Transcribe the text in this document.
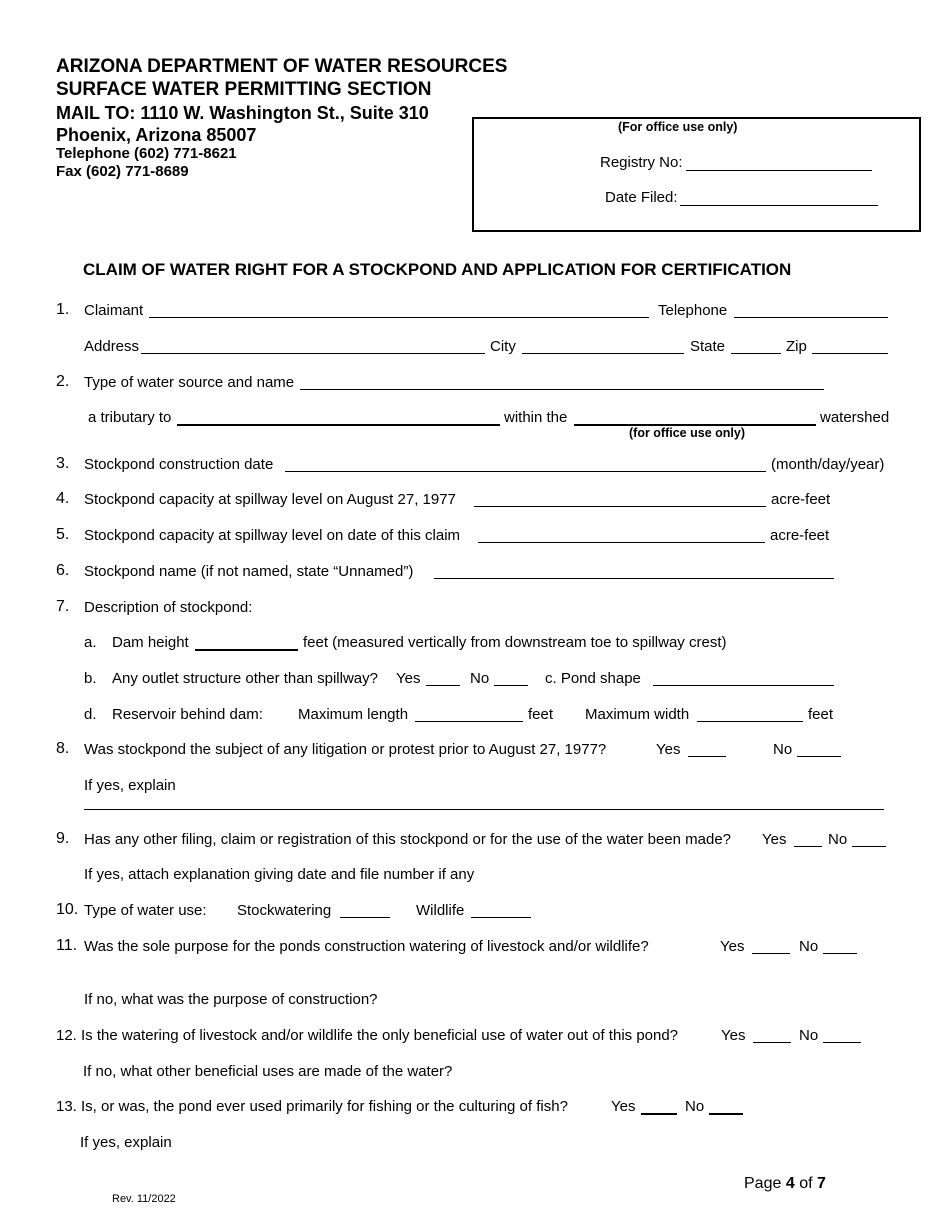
ARIZONA DEPARTMENT OF WATER RESOURCES
SURFACE WATER PERMITTING SECTION
MAIL TO: 1110 W. Washington St., Suite 310
Phoenix, Arizona 85007
Telephone (602) 771-8621
Fax (602) 771-8689
(For office use only)
Registry No:
Date Filed:
CLAIM OF WATER RIGHT FOR A STOCKPOND AND APPLICATION FOR CERTIFICATION
1. Claimant	Telephone
Address	City	State	Zip
2. Type of water source and name
a tributary to	within the	watershed
(for office use only)
3. Stockpond construction date	(month/day/year)
4. Stockpond capacity at spillway level on August 27, 1977	acre-feet
5. Stockpond capacity at spillway level on date of this claim	acre-feet
6. Stockpond name (if not named, state “Unnamed”)
7. Description of stockpond:
a. Dam height	feet (measured vertically from downstream toe to spillway crest)
b. Any outlet structure other than spillway? Yes	No	c. Pond shape
d. Reservoir behind dam: Maximum length	feet Maximum width	feet
8. Was stockpond the subject of any litigation or protest prior to August 27, 1977?	Yes	No
If yes, explain
9. Has any other filing, claim or registration of this stockpond or for the use of the water been made? Yes	No
If yes, attach explanation giving date and file number if any
10. Type of water use: Stockwatering	Wildlife
11. Was the sole purpose for the ponds construction watering of livestock and/or wildlife?	Yes	No
If no, what was the purpose of construction?
12. Is the watering of livestock and/or wildlife the only beneficial use of water out of this pond?	Yes	No
If no, what other beneficial uses are made of the water?
13. Is, or was, the pond ever used primarily for fishing or the culturing of fish?	Yes	No
If yes, explain
Page 4 of 7
Rev. 11/2022
